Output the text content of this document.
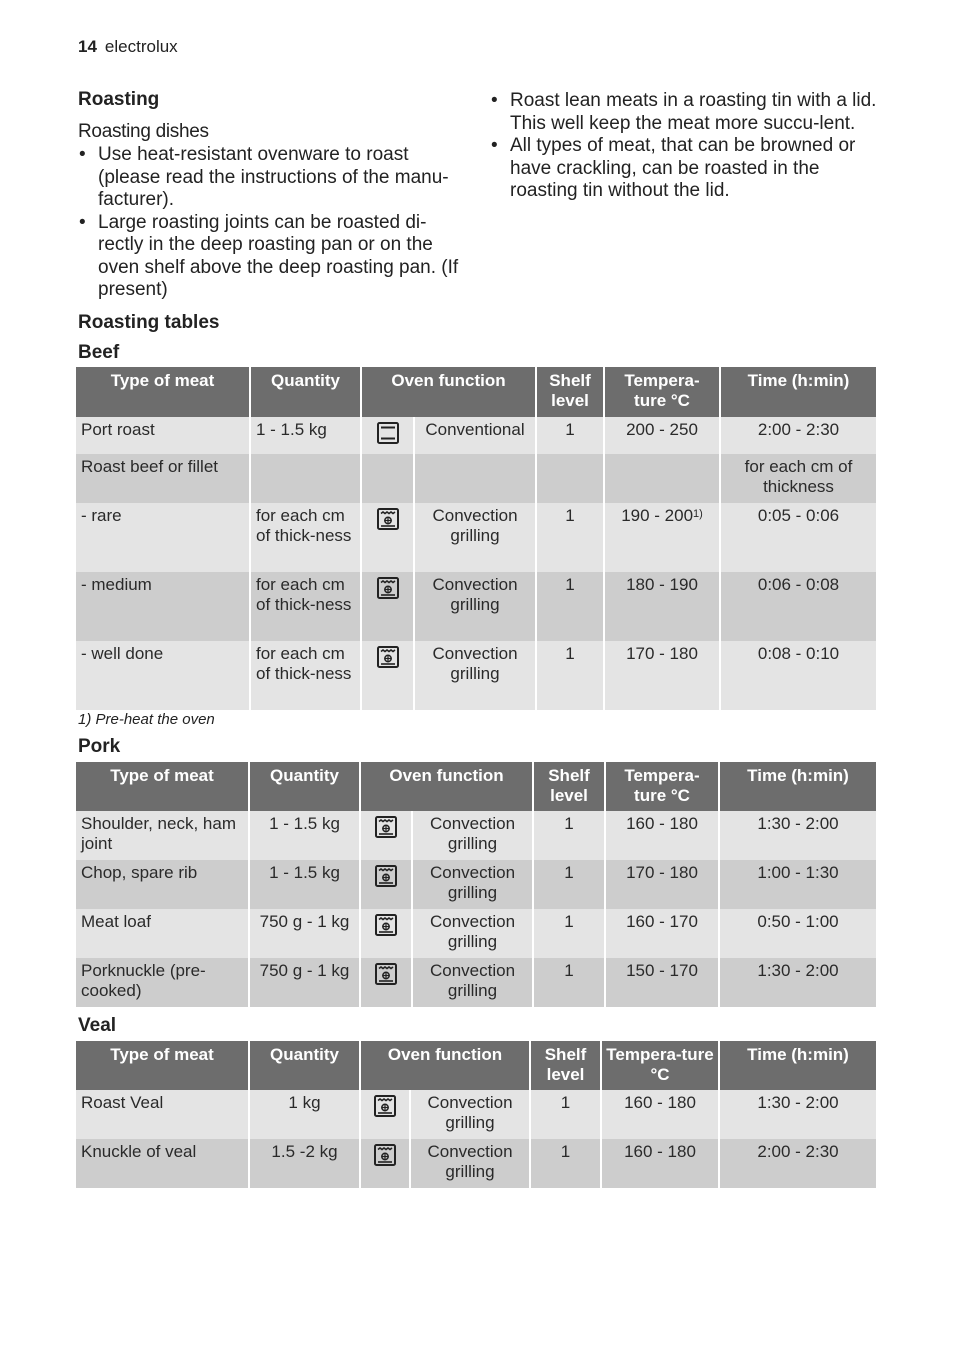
14 electrolux
Roasting
Roasting dishes
• Use heat-resistant ovenware to roast (please read the instructions of the manu-facturer).
• Large roasting joints can be roasted di-rectly in the deep roasting pan or on the oven shelf above the deep roasting pan. (If present)
• Roast lean meats in a roasting tin with a lid. This well keep the meat more succu-lent.
• All types of meat, that can be browned or have crackling, can be roasted in the roasting tin without the lid.
Roasting tables
Beef
Type of meat	Quantity	Oven function		Shelf level	Tempera-ture °C	Time (h:min)
Port roast	1 - 1.5 kg		Conventional	1	200 - 250	2:00 - 2:30
Roast beef or fillet						for each cm of thickness
- rare	for each cm of thick-ness		Convection grilling	1	190 - 200$^{1)}$	0:05 - 0:06
- medium	for each cm of thick-ness		Convection grilling	1	180 - 190	0:06 - 0:08
- well done	for each cm of thick-ness		Convection grilling	1	170 - 180	0:08 - 0:10
1) Pre-heat the oven
Pork
Type of meat	Quantity	Oven function		Shelf level	Tempera-ture °C	Time (h:min)
Shoulder, neck, ham joint	1 - 1.5 kg		Convection grilling	1	160 - 180	1:30 - 2:00
Chop, spare rib	1 - 1.5 kg		Convection grilling	1	170 - 180	1:00 - 1:30
Meat loaf	750 g - 1 kg		Convection grilling	1	160 - 170	0:50 - 1:00
Porknuckle (pre-cooked)	750 g - 1 kg		Convection grilling	1	150 - 170	1:30 - 2:00
Veal
Type of meat	Quantity	Oven function		Shelf level	Tempera-ture °C	Time (h:min)
Roast Veal	1 kg		Convection grilling	1	160 - 180	1:30 - 2:00
Knuckle of veal	1.5 -2 kg		Convection grilling	1	160 - 180	2:00 - 2:30
